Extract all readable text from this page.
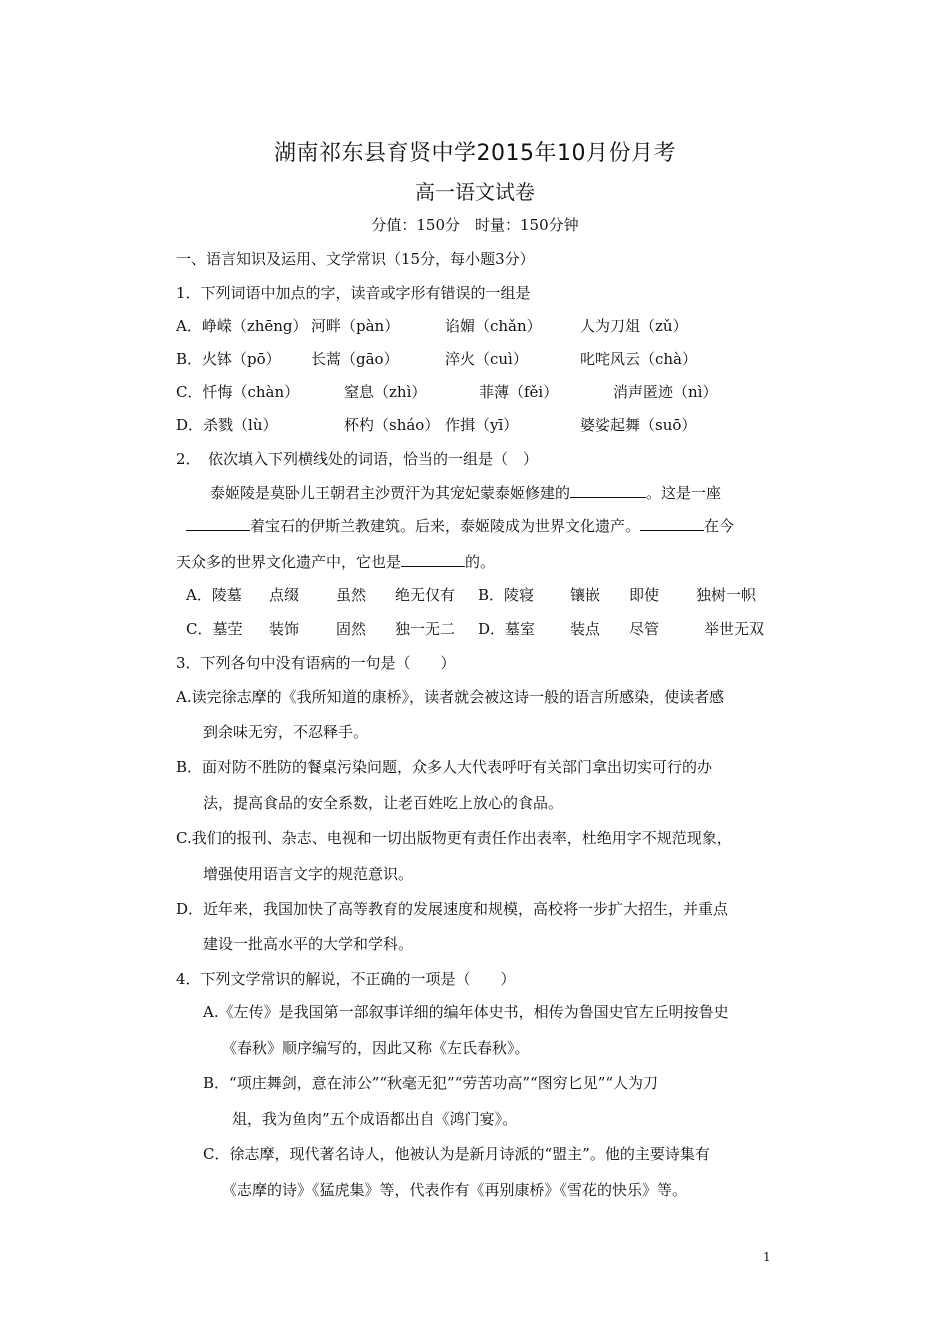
湖南祁东县育贤中学2015年10月份月考
高一语文试卷
分值：150分　时量：150分钟
一、语言知识及运用、文学常识（15分，每小题3分）
1．下列词语中加点的字，读音或字形有错误的一组是
A．峥嵘（zhēng） 河畔（pàn）	谄媚（chǎn）	人为刀俎（zǔ）
B．火钵（pō） 长蒿（gāo）	淬火（cuì）	叱咤风云（chà）
C．忏悔（chàn）	窒息（zhì）	菲薄（fěi）	消声匿迹（nì）
D．杀戮（lù）	杯杓（sháo） 作揖（yī）	婆娑起舞（suō）
2．　依次填入下列横线处的词语，恰当的一组是（　）
泰姬陵是莫卧儿王朝君主沙贾汗为其宠妃蒙泰姬修建的	。这是一座
着宝石的伊斯兰教建筑。后来，泰姬陵成为世界文化遗产。	在今
天众多的世界文化遗产中，它也是	的。
A．陵墓 点缀 虽然 绝无仅有 B．陵寝 镶嵌 即使 独树一帜
C．墓茔 装饰 固然 独一无二 D．墓室 装点 尽管	举世无双
3．下列各句中没有语病的一句是（　　）
A.读完徐志摩的《我所知道的康桥》，读者就会被这诗一般的语言所感染，使读者感
到余味无穷，不忍释手。
B．面对防不胜防的餐桌污染问题，众多人大代表呼吁有关部门拿出切实可行的办
法，提高食品的安全系数，让老百姓吃上放心的食品。
C.我们的报刊、杂志、电视和一切出版物更有责任作出表率，杜绝用字不规范现象，
增强使用语言文字的规范意识。
D．近年来，我国加快了高等教育的发展速度和规模，高校将一步扩大招生，并重点
建设一批高水平的大学和学科。
4．下列文学常识的解说，不正确的一项是（　　）
A.《左传》是我国第一部叙事详细的编年体史书，相传为鲁国史官左丘明按鲁史
《春秋》顺序编写的，因此又称《左氏春秋》。
B．“项庄舞剑，意在沛公”“秋毫无犯”“劳苦功高”“图穷匕见”“人为刀
俎，我为鱼肉”五个成语都出自《鸿门宴》。
C．徐志摩，现代著名诗人，他被认为是新月诗派的“盟主”。他的主要诗集有
《志摩的诗》《猛虎集》等，代表作有《再别康桥》《雪花的快乐》等。
1
